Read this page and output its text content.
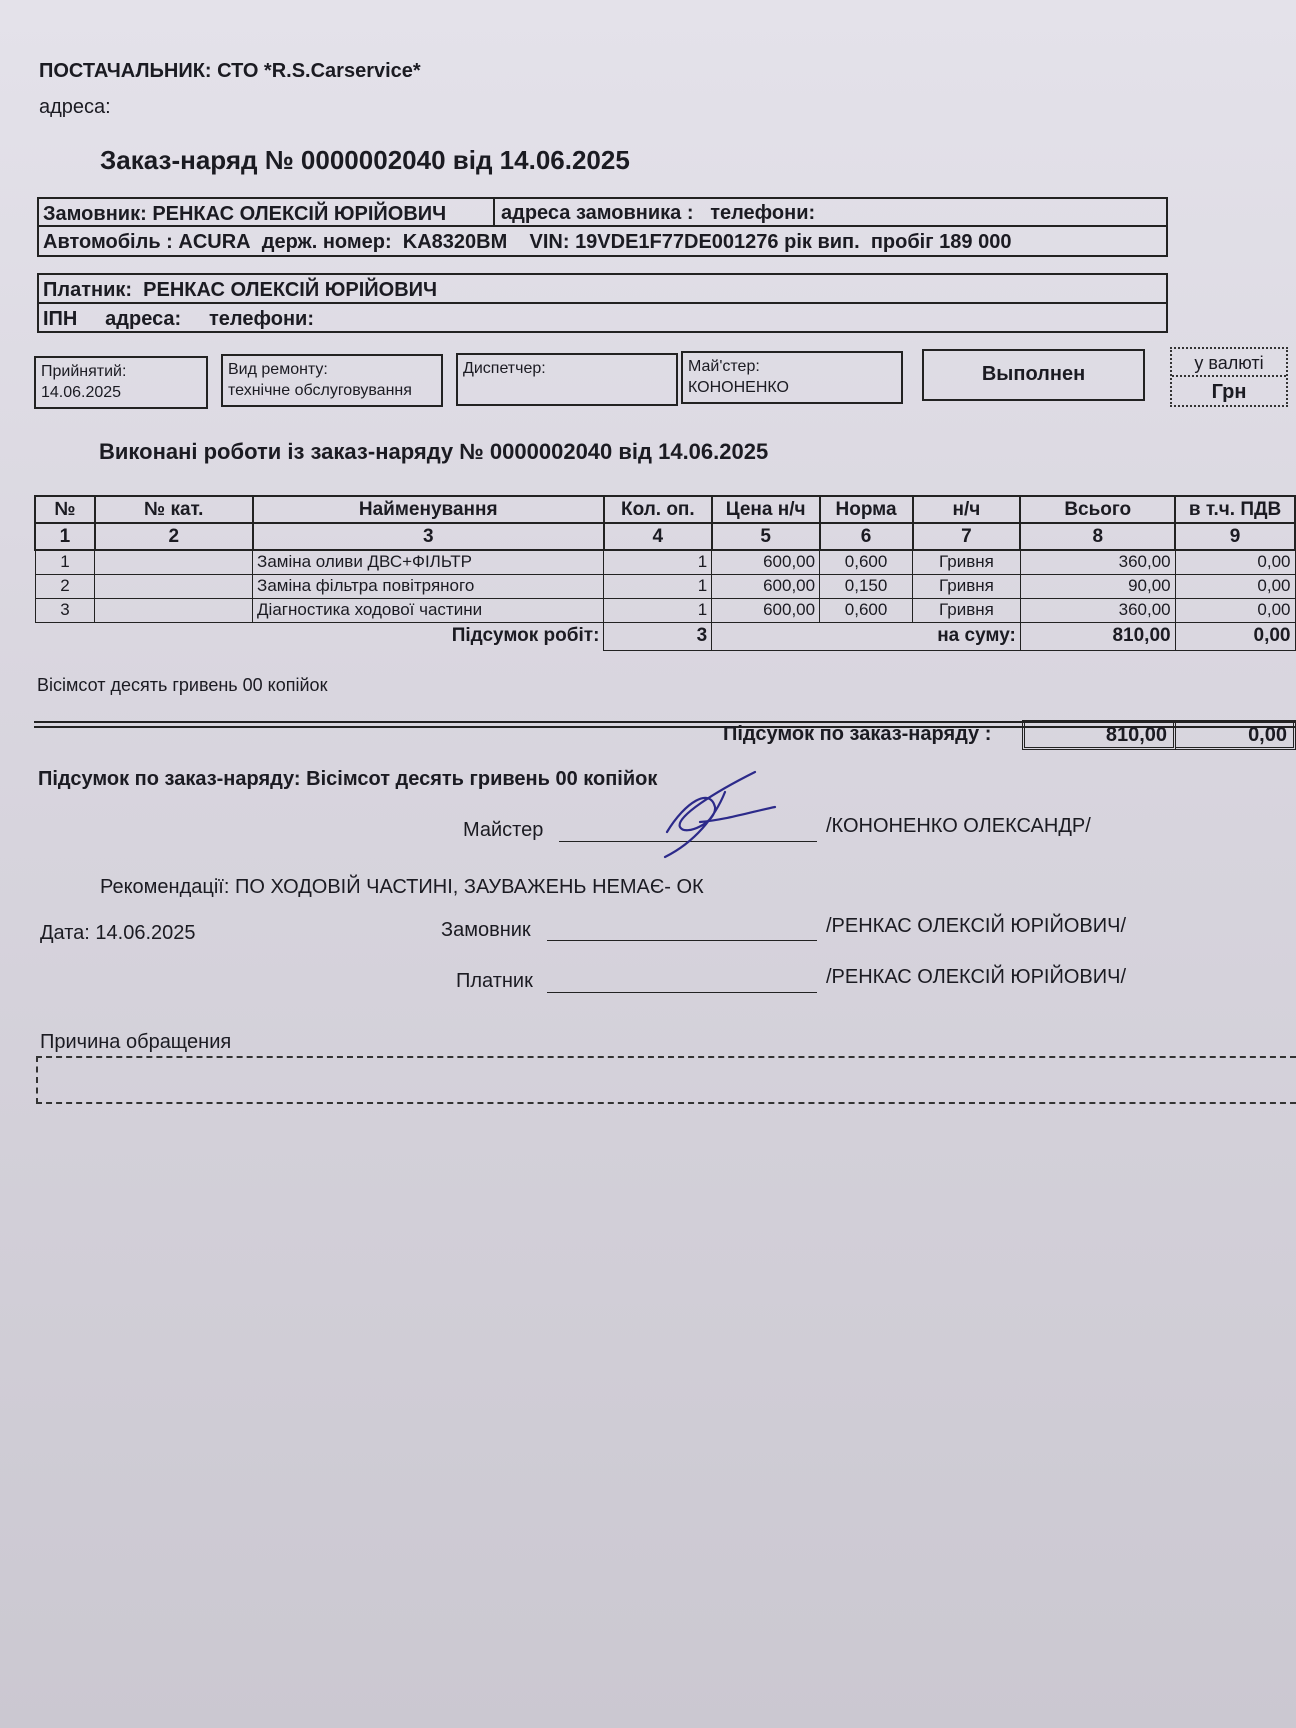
ПОСТАЧАЛЬНИК: СТО *R.S.Carservice*
адреса:
Заказ-наряд № 0000002040 від 14.06.2025
Замовник: РЕНКАС ОЛЕКСІЙ ЮРІЙОВИЧ	адреса замовника : телефони:
Автомобіль : ACURA держ. номер: KA8320BM VIN: 19VDE1F77DE001276 рік вип. пробіг 189 000
Платник: РЕНКАС ОЛЕКСІЙ ЮРІЙОВИЧ
ІПН адреса: телефони:
Прийнятий:
14.06.2025
Вид ремонту:
технічне обслуговування
Диспетчер:	Май'стер:
КОНОНЕНКО
Выполнен	у валюті
Грн
Виконані роботи із заказ-наряду № 0000002040 від 14.06.2025
№	№ кат.	Найменування	Кол. оп.	Цена н/ч	Норма	н/ч	Всього	в т.ч. ПДВ
1	2	3	4	5	6	7	8	9
1		Заміна оливи ДВС+ФІЛЬТР	1	600,00	0,600	Гривня	360,00	0,00
2		Заміна фільтра повітряного	1	600,00	0,150	Гривня	90,00	0,00
3		Діагностика ходової частини	1	600,00	0,600	Гривня	360,00	0,00
Підсумок робіт:			3	на суму:			810,00	0,00
Вісімсот десять гривень 00 копійок
Підсумок по заказ-наряду :	810,00	0,00
Підсумок по заказ-наряду: Вісімсот десять гривень 00 копійок
Майстер	/КОНОНЕНКО ОЛЕКСАНДР/
Рекомендації: ПО ХОДОВІЙ ЧАСТИНІ, ЗАУВАЖЕНЬ НЕМАЄ- ОК
Дата: 14.06.2025	Замовник	/РЕНКАС ОЛЕКСІЙ ЮРІЙОВИЧ/
Платник	/РЕНКАС ОЛЕКСІЙ ЮРІЙОВИЧ/
Причина обращения
